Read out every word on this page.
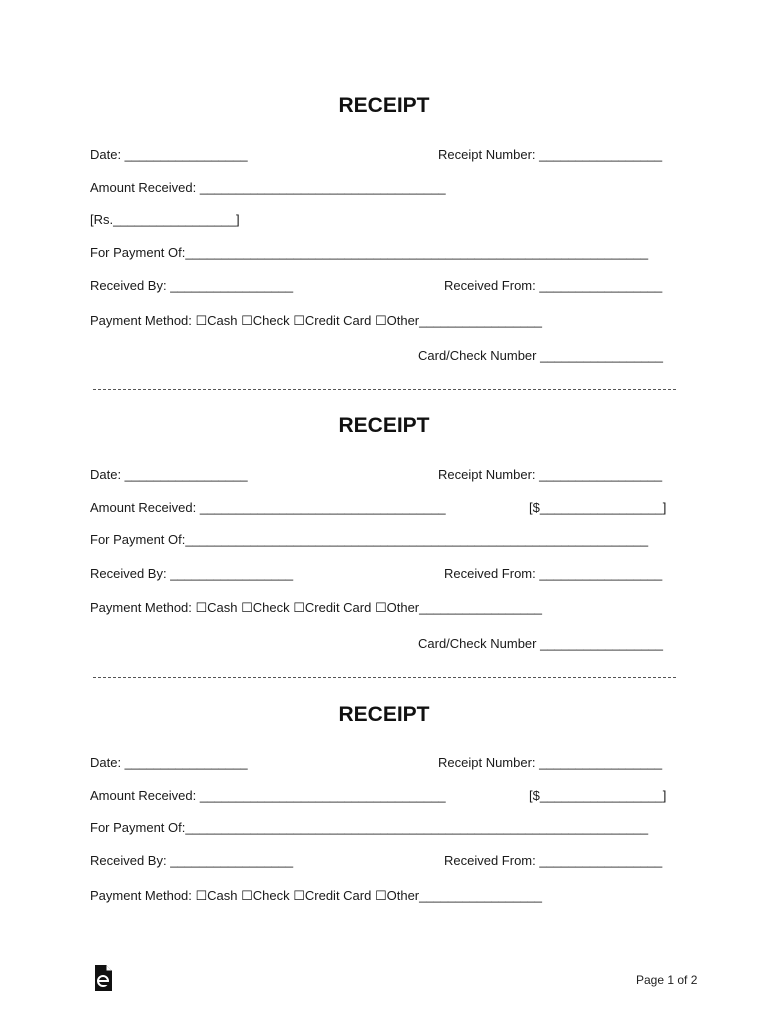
RECEIPT
Date: _________________	Receipt Number: _________________
Amount Received: __________________________________
[Rs._________________]
For Payment Of:________________________________________________________________
Received By: _________________	Received From: _________________
Payment Method: ☐Cash ☐Check ☐Credit Card ☐Other_________________
Card/Check Number _________________
RECEIPT
Date: _________________	Receipt Number: _________________
Amount Received: __________________________________	[$_________________]
For Payment Of:________________________________________________________________
Received By: _________________	Received From: _________________
Payment Method: ☐Cash ☐Check ☐Credit Card ☐Other_________________
Card/Check Number _________________
RECEIPT
Date: _________________	Receipt Number: _________________
Amount Received: __________________________________	[$_________________]
For Payment Of:________________________________________________________________
Received By: _________________	Received From: _________________
Payment Method: ☐Cash ☐Check ☐Credit Card ☐Other_________________
Page 1 of 2
